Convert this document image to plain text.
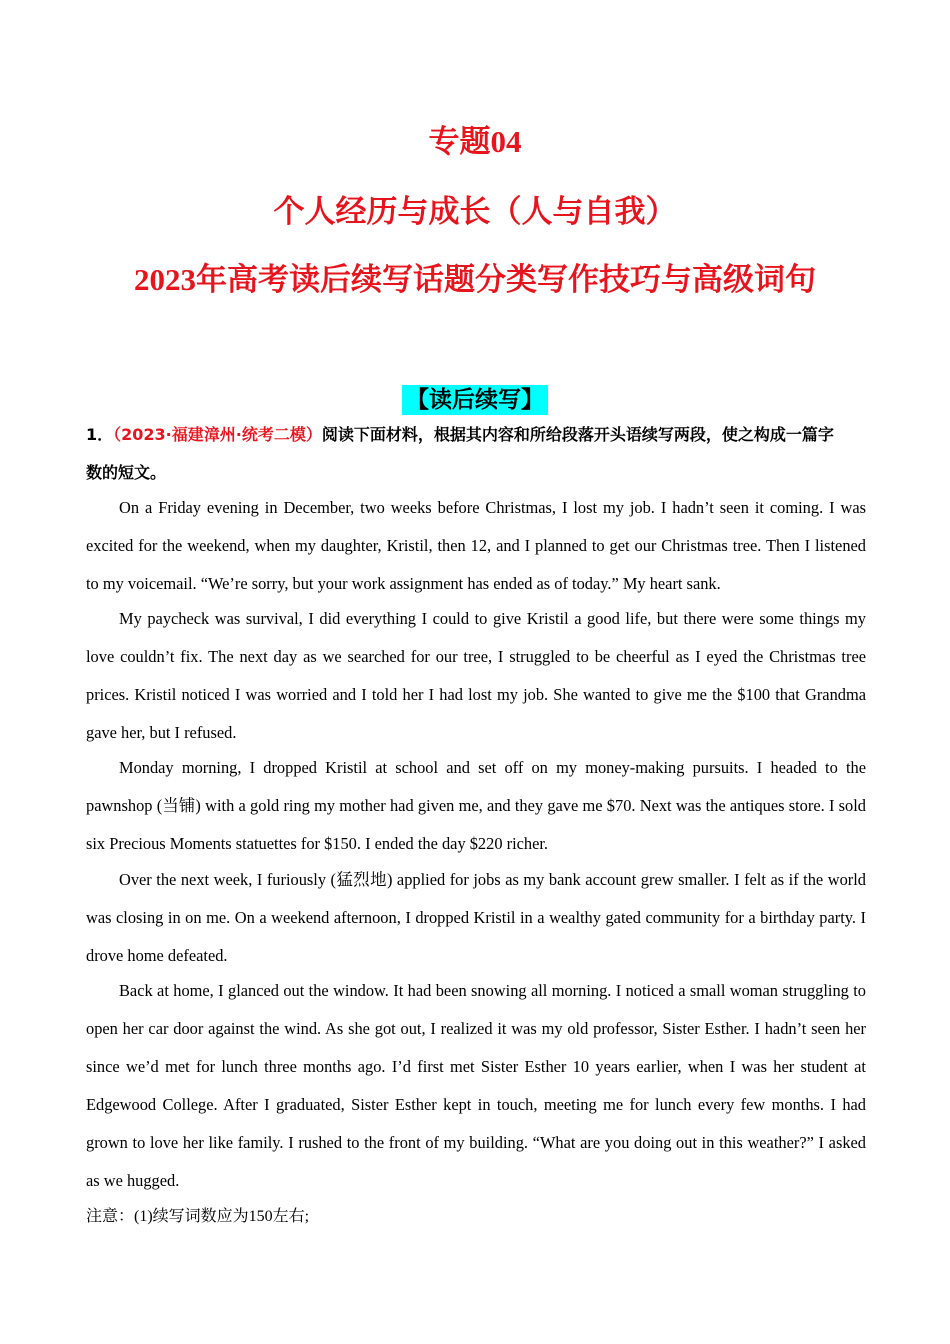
专题04
个人经历与成长（人与自我）
2023年高考读后续写话题分类写作技巧与高级词句
【读后续写】
1．（2023·福建漳州·统考二模）阅读下面材料，根据其内容和所给段落开头语续写两段，使之构成一篇字
数的短文。

On a Friday evening in December, two weeks before Christmas, I lost my job. I hadn’t seen it coming. I was excited for the weekend, when my daughter, Kristil, then 12, and I planned to get our Christmas tree. Then I listened to my voicemail. “We’re sorry, but your work assignment has ended as of today.” My heart sank.

My paycheck was survival, I did everything I could to give Kristil a good life, but there were some things my love couldn’t fix. The next day as we searched for our tree, I struggled to be cheerful as I eyed the Christmas tree prices. Kristil noticed I was worried and I told her I had lost my job. She wanted to give me the $100 that Grandma gave her, but I refused.

Monday morning, I dropped Kristil at school and set off on my money-making pursuits. I headed to the pawnshop (当铺) with a gold ring my mother had given me, and they gave me $70. Next was the antiques store. I sold six Precious Moments statuettes for $150. I ended the day $220 richer.

Over the next week, I furiously (猛烈地) applied for jobs as my bank account grew smaller. I felt as if the world was closing in on me. On a weekend afternoon, I dropped Kristil in a wealthy gated community for a birthday party. I drove home defeated.

Back at home, I glanced out the window. It had been snowing all morning. I noticed a small woman struggling to open her car door against the wind. As she got out, I realized it was my old professor, Sister Esther. I hadn’t seen her since we’d met for lunch three months ago. I’d first met Sister Esther 10 years earlier, when I was her student at Edgewood College. After I graduated, Sister Esther kept in touch, meeting me for lunch every few months. I had grown to love her like family. I rushed to the front of my building. “What are you doing out in this weather?” I asked as we hugged.

注意：(1)续写词数应为150左右;
